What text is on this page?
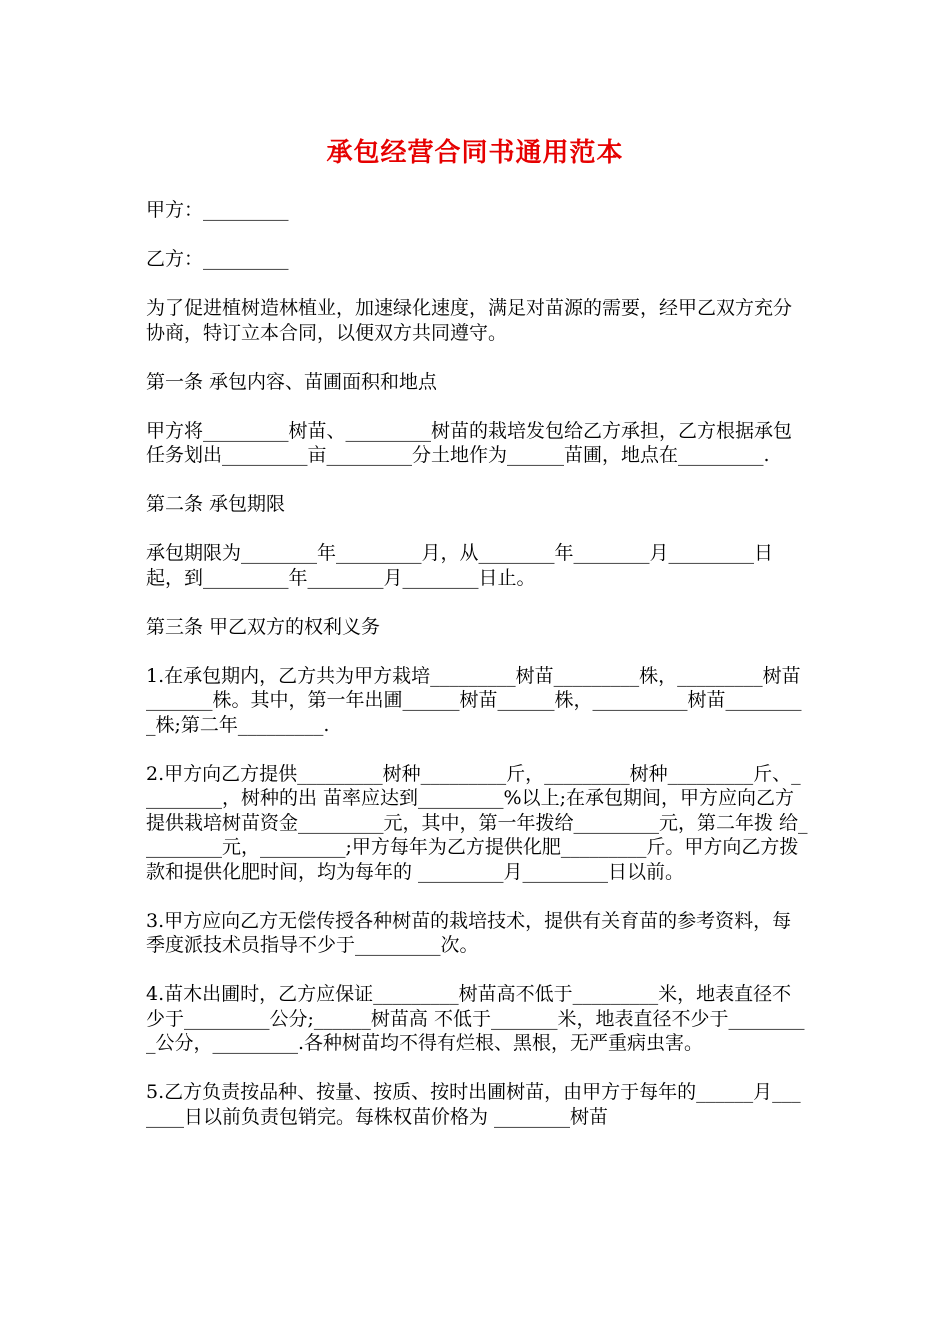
承包经营合同书通用范本

甲方：_________

乙方：_________

为了促进植树造林植业，加速绿化速度，满足对苗源的需要，经甲乙双方充分协商，特订立本合同，以便双方共同遵守。

第一条 承包内容、苗圃面积和地点

甲方将_________树苗、_________树苗的栽培发包给乙方承担，乙方根据承包任务划出_________亩_________分土地作为______苗圃，地点在_________.

第二条 承包期限

承包期限为________年_________月，从________年________月_________日起，到_________年________月________日止。

第三条 甲乙双方的权利义务

1.在承包期内，乙方共为甲方栽培_________树苗_________株，_________树苗_______株。其中，第一年出圃______树苗______株，__________树苗_________株;第二年_________.

2.甲方向乙方提供_________树种_________斤，_________树种_________斤、_________，树种的出 苗率应达到_________%以上;在承包期间，甲方应向乙方提供栽培树苗资金_________元，其中，第一年拨给_________元，第二年拨 给_________元，_________;甲方每年为乙方提供化肥_________斤。甲方向乙方拨款和提供化肥时间，均为每年的 _________月_________日以前。

3.甲方应向乙方无偿传授各种树苗的栽培技术，提供有关育苗的参考资料，每季度派技术员指导不少于_________次。

4.苗木出圃时，乙方应保证_________树苗高不低于_________米，地表直径不少于_________公分;______树苗高 不低于_______米，地表直径不少于_________公分，_________.各种树苗均不得有烂根、黑根，无严重病虫害。

5.乙方负责按品种、按量、按质、按时出圃树苗，由甲方于每年的______月_______日以前负责包销完。每株权苗价格为 ________树苗
